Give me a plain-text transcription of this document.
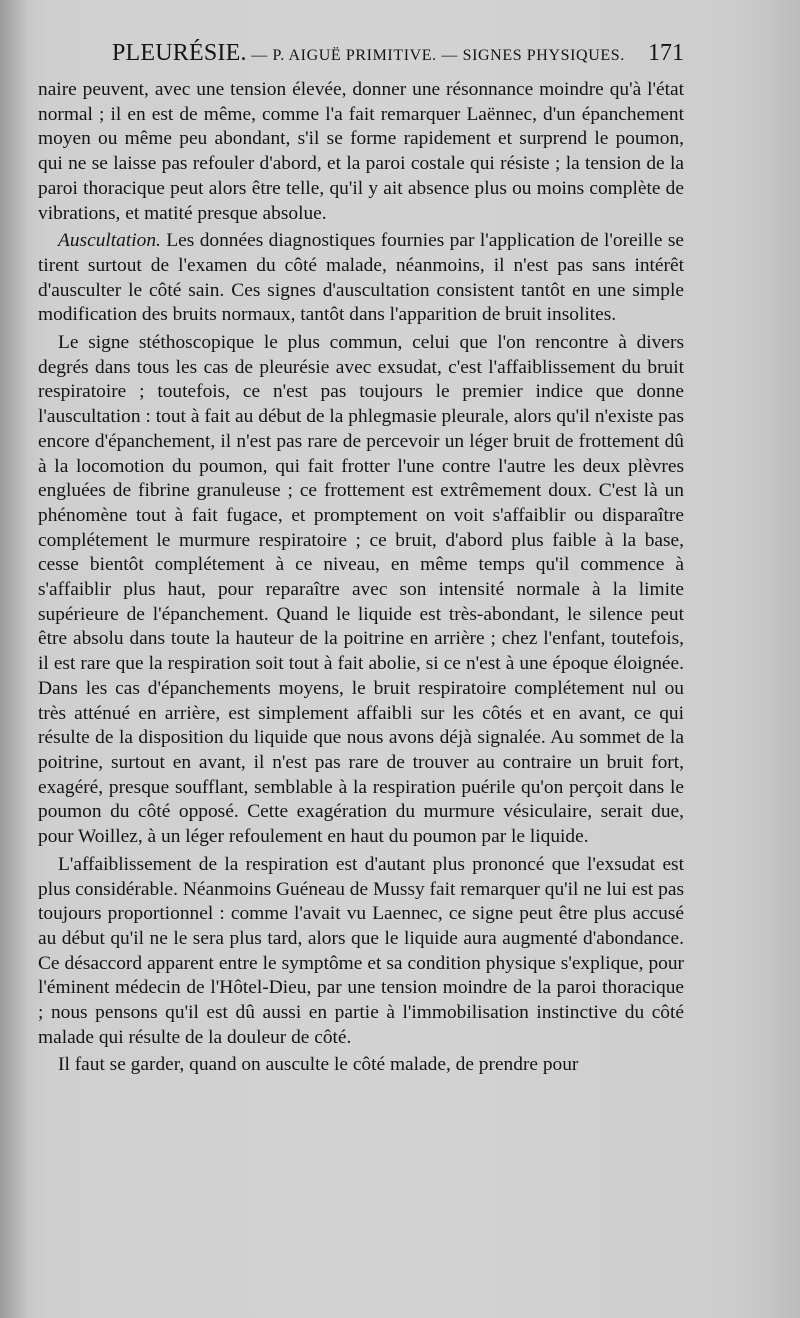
PLEURÉSIE. — P. AIGUË PRIMITIVE. — SIGNES PHYSIQUES. 171

naire peuvent, avec une tension élevée, donner une résonnance moindre qu'à l'état normal ; il en est de même, comme l'a fait remarquer Laënnec, d'un épanchement moyen ou même peu abondant, s'il se forme rapidement et surprend le poumon, qui ne se laisse pas refouler d'abord, et la paroi costale qui résiste ; la tension de la paroi thoracique peut alors être telle, qu'il y ait absence plus ou moins complète de vibrations, et matité presque absolue.

Auscultation. Les données diagnostiques fournies par l'application de l'oreille se tirent surtout de l'examen du côté malade, néanmoins, il n'est pas sans intérêt d'ausculter le côté sain. Ces signes d'auscultation consistent tantôt en une simple modification des bruits normaux, tantôt dans l'apparition de bruit insolites.

Le signe stéthoscopique le plus commun, celui que l'on rencontre à divers degrés dans tous les cas de pleurésie avec exsudat, c'est l'affaiblissement du bruit respiratoire ; toutefois, ce n'est pas toujours le premier indice que donne l'auscultation : tout à fait au début de la phlegmasie pleurale, alors qu'il n'existe pas encore d'épanchement, il n'est pas rare de percevoir un léger bruit de frottement dû à la locomotion du poumon, qui fait frotter l'une contre l'autre les deux plèvres engluées de fibrine granuleuse ; ce frottement est extrêmement doux. C'est là un phénomène tout à fait fugace, et promptement on voit s'affaiblir ou disparaître complétement le murmure respiratoire ; ce bruit, d'abord plus faible à la base, cesse bientôt complétement à ce niveau, en même temps qu'il commence à s'affaiblir plus haut, pour reparaître avec son intensité normale à la limite supérieure de l'épanchement. Quand le liquide est très-abondant, le silence peut être absolu dans toute la hauteur de la poitrine en arrière ; chez l'enfant, toutefois, il est rare que la respiration soit tout à fait abolie, si ce n'est à une époque éloignée. Dans les cas d'épanchements moyens, le bruit respiratoire complétement nul ou très atténué en arrière, est simplement affaibli sur les côtés et en avant, ce qui résulte de la disposition du liquide que nous avons déjà signalée. Au sommet de la poitrine, surtout en avant, il n'est pas rare de trouver au contraire un bruit fort, exagéré, presque soufflant, semblable à la respiration puérile qu'on perçoit dans le poumon du côté opposé. Cette exagération du murmure vésiculaire, serait due, pour Woillez, à un léger refoulement en haut du poumon par le liquide.

L'affaiblissement de la respiration est d'autant plus prononcé que l'exsudat est plus considérable. Néanmoins Guéneau de Mussy fait remarquer qu'il ne lui est pas toujours proportionnel : comme l'avait vu Laennec, ce signe peut être plus accusé au début qu'il ne le sera plus tard, alors que le liquide aura augmenté d'abondance. Ce désaccord apparent entre le symptôme et sa condition physique s'explique, pour l'éminent médecin de l'Hôtel-Dieu, par une tension moindre de la paroi thoracique ; nous pensons qu'il est dû aussi en partie à l'immobilisation instinctive du côté malade qui résulte de la douleur de côté.

Il faut se garder, quand on ausculte le côté malade, de prendre pour
